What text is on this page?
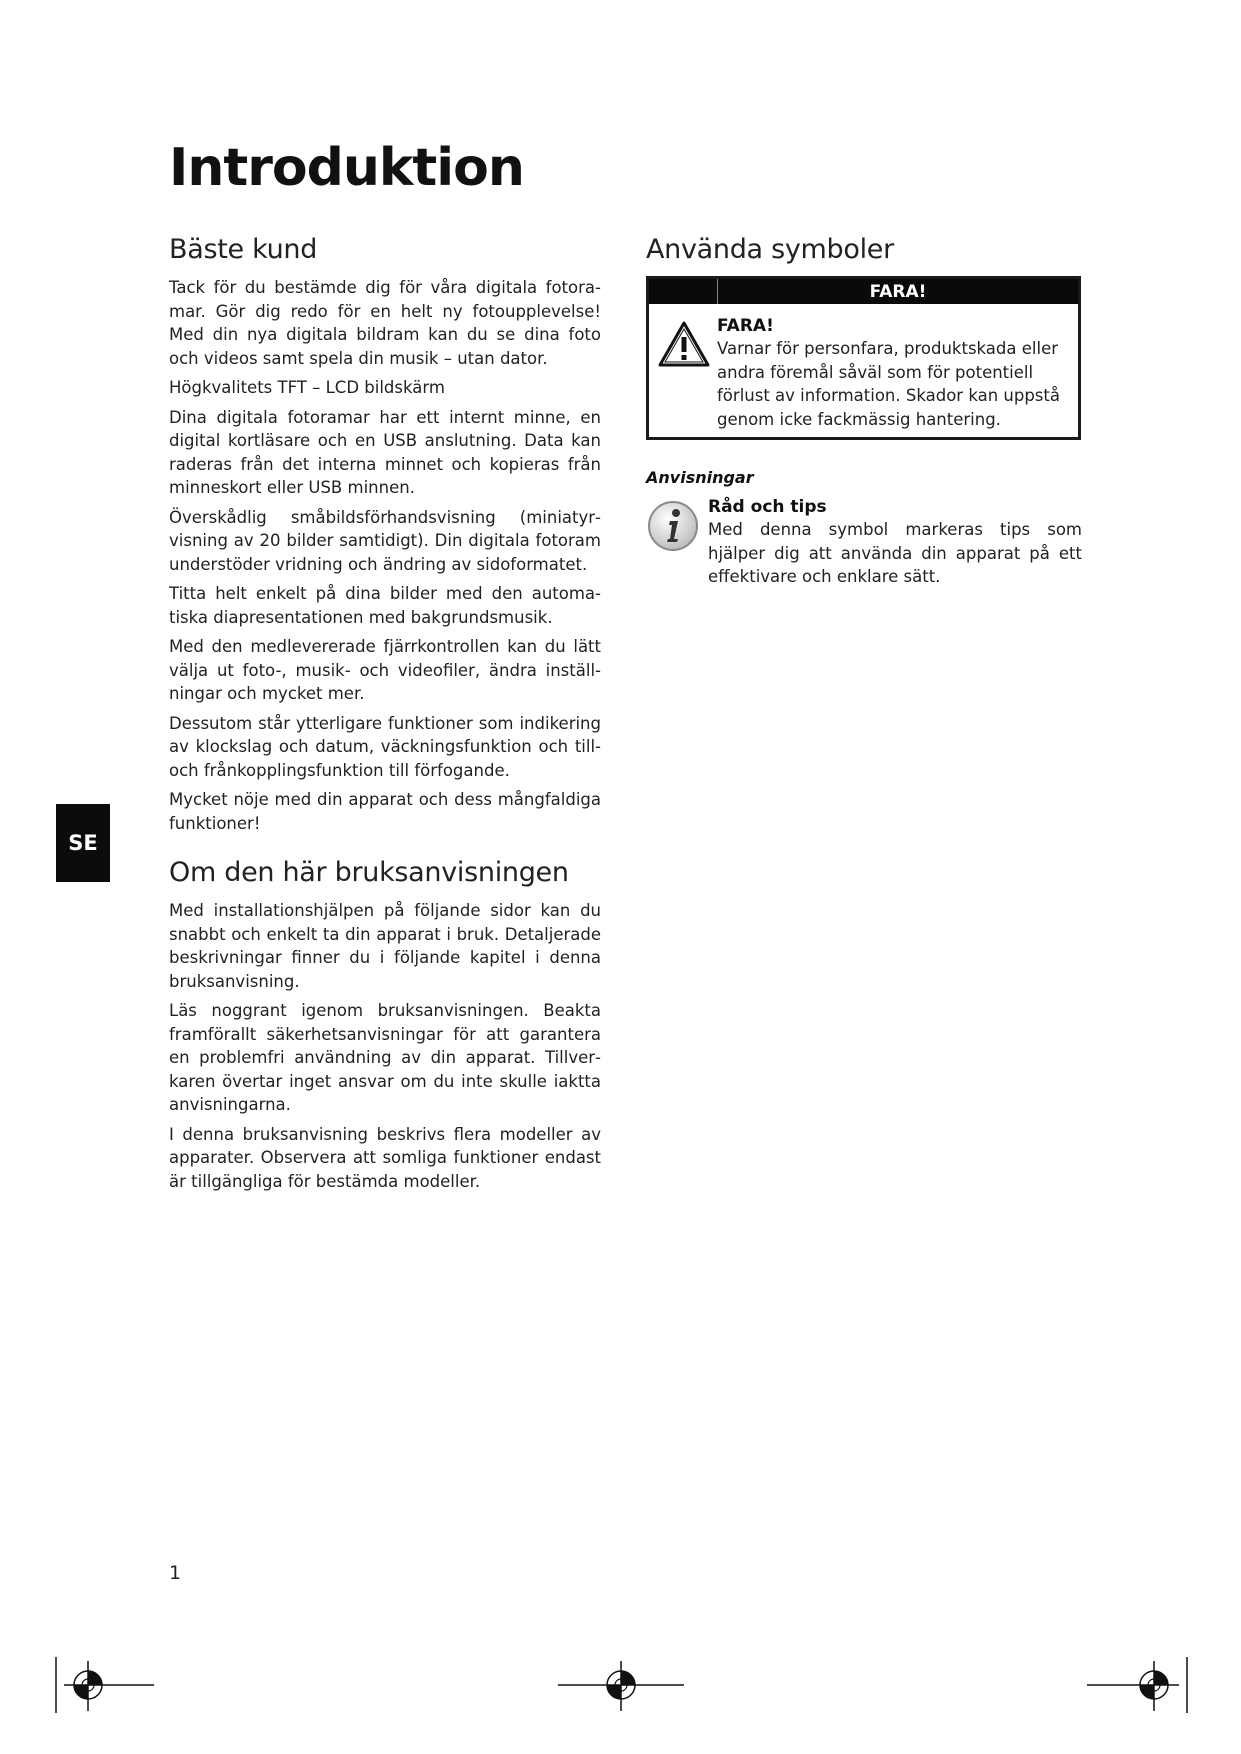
Introduktion
Bäste kund

Tack för du bestämde dig för våra digitala fotoramar. Gör dig redo för en helt ny fotoupplevelse! Med din nya digitala bildram kan du se dina foto och videos samt spela din musik – utan dator.

Högkvalitets TFT – LCD bildskärm

Dina digitala fotoramar har ett internt minne, en digital kortläsare och en USB anslutning. Data kan raderas från det interna minnet och kopieras från minneskort eller USB minnen.

Överskådlig småbildsförhandsvisning (miniatyrvisning av 20 bilder samtidigt). Din digitala fotoram understöder vridning och ändring av sidoformatet.

Titta helt enkelt på dina bilder med den automatiska diapresentationen med bakgrundsmusik.

Med den medlevererade fjärrkontrollen kan du lätt välja ut foto-, musik- och videofiler, ändra inställningar och mycket mer.

Dessutom står ytterligare funktioner som indikering av klockslag och datum, väckningsfunktion och till- och frånkopplingsfunktion till förfogande.

Mycket nöje med din apparat och dess mångfaldiga funktioner!

Om den här bruksanvisningen

Med installationshjälpen på följande sidor kan du snabbt och enkelt ta din apparat i bruk. Detaljerade beskrivningar finner du i följande kapitel i denna bruksanvisning.

Läs noggrant igenom bruksanvisningen. Beakta framförallt säkerhetsanvisningar för att garantera en problemfri användning av din apparat. Tillverkaren övertar inget ansvar om du inte skulle iaktta anvisningarna.

I denna bruksanvisning beskrivs flera modeller av apparater. Observera att somliga funktioner endast är tillgängliga för bestämda modeller.

Använda symboler
FARA!
FARA!
Varnar för personfara, produktskada eller andra föremål såväl som för potentiell förlust av information. Skador kan uppstå genom icke fackmässig hantering.
Anvisningar
Råd och tips
Med denna symbol markeras tips som hjälper dig att använda din apparat på ett effektivare och enklare sätt.
SE
1
